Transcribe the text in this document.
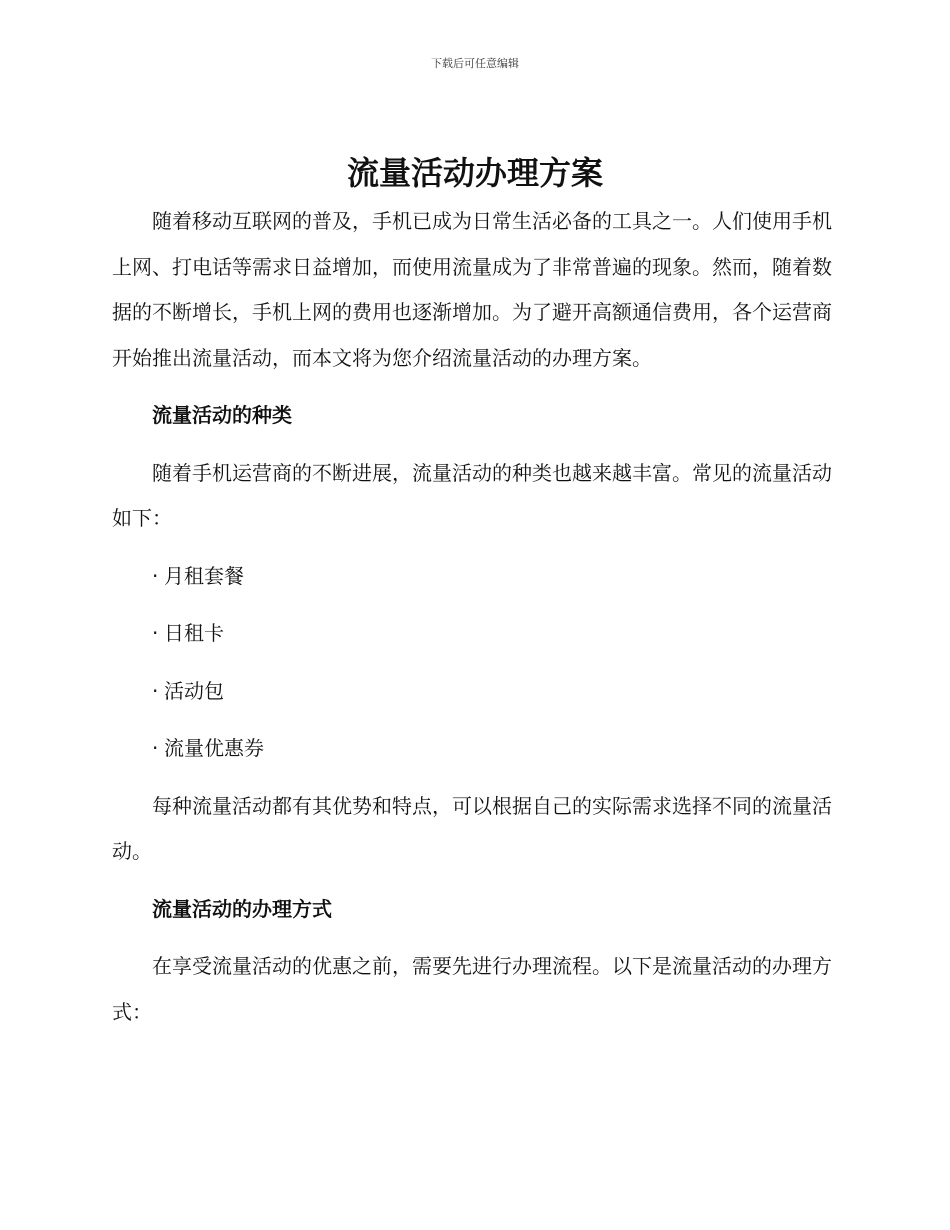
下载后可任意编辑
流量活动办理方案

随着移动互联网的普及，手机已成为日常生活必备的工具之一。人们使用手机上网、打电话等需求日益增加，而使用流量成为了非常普遍的现象。然而，随着数据的不断增长，手机上网的费用也逐渐增加。为了避开高额通信费用，各个运营商开始推出流量活动，而本文将为您介绍流量活动的办理方案。

流量活动的种类

随着手机运营商的不断进展，流量活动的种类也越来越丰富。常见的流量活动如下：

· 月租套餐
· 日租卡
· 活动包
· 流量优惠券

每种流量活动都有其优势和特点，可以根据自己的实际需求选择不同的流量活动。

流量活动的办理方式

在享受流量活动的优惠之前，需要先进行办理流程。以下是流量活动的办理方式：
